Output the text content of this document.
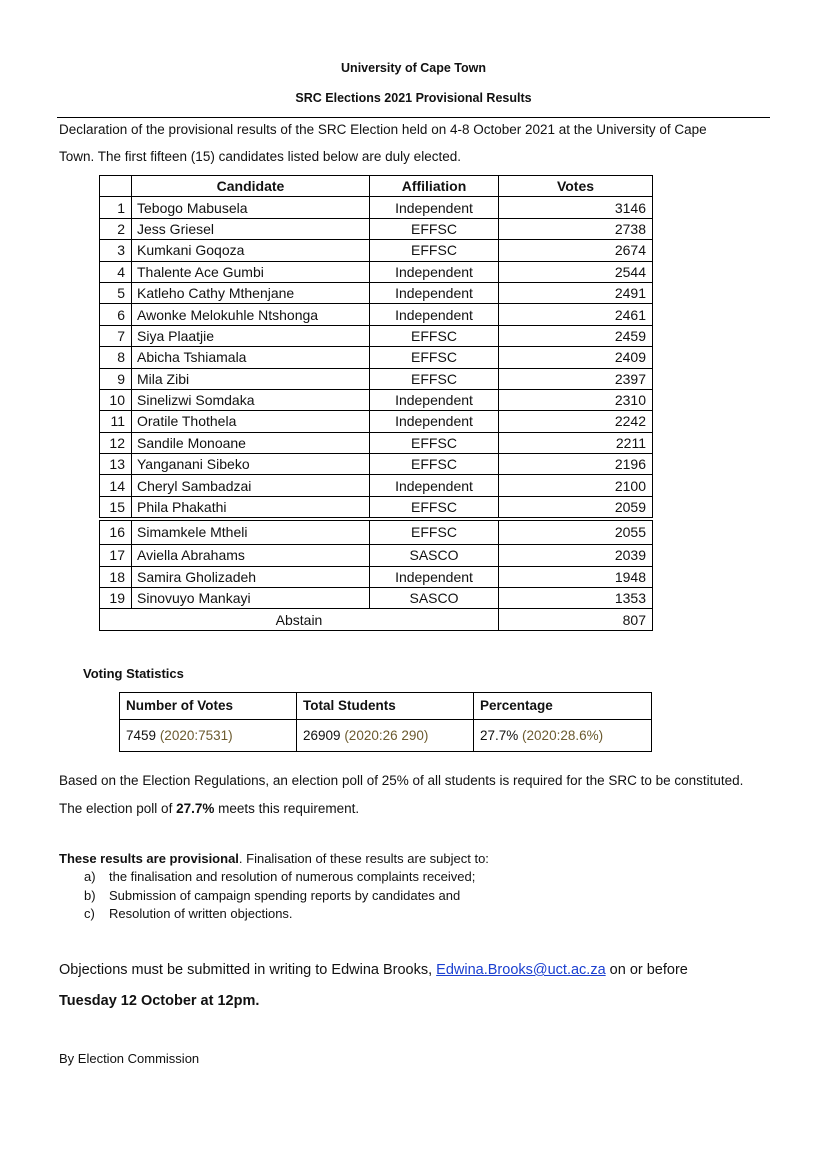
University of Cape Town
SRC Elections 2021 Provisional Results
Declaration of the provisional results of the SRC Election held on 4-8 October 2021 at the University of Cape
Town. The first fifteen (15) candidates listed below are duly elected.
	Candidate	Affiliation	Votes
1	Tebogo Mabusela	Independent	3146
2	Jess Griesel	EFFSC	2738
3	Kumkani Goqoza	EFFSC	2674
4	Thalente Ace Gumbi	Independent	2544
5	Katleho Cathy Mthenjane	Independent	2491
6	Awonke Melokuhle Ntshonga	Independent	2461
7	Siya Plaatjie	EFFSC	2459
8	Abicha Tshiamala	EFFSC	2409
9	Mila Zibi	EFFSC	2397
10	Sinelizwi Somdaka	Independent	2310
11	Oratile Thothela	Independent	2242
12	Sandile Monoane	EFFSC	2211
13	Yanganani Sibeko	EFFSC	2196
14	Cheryl Sambadzai	Independent	2100
15	Phila Phakathi	EFFSC	2059
16	Simamkele Mtheli	EFFSC	2055
17	Aviella Abrahams	SASCO	2039
18	Samira Gholizadeh	Independent	1948
19	Sinovuyo Mankayi	SASCO	1353
Abstain			807
Voting Statistics
Number of Votes	Total Students	Percentage
7459 (2020:7531)	26909 (2020:26 290)	27.7% (2020:28.6%)
Based on the Election Regulations, an election poll of 25% of all students is required for the SRC to be constituted.
The election poll of 27.7% meets this requirement.
These results are provisional. Finalisation of these results are subject to:
a) the finalisation and resolution of numerous complaints received;
b) Submission of campaign spending reports by candidates and
c) Resolution of written objections.
Objections must be submitted in writing to Edwina Brooks, Edwina.Brooks@uct.ac.za on or before
Tuesday 12 October at 12pm.
By Election Commission
